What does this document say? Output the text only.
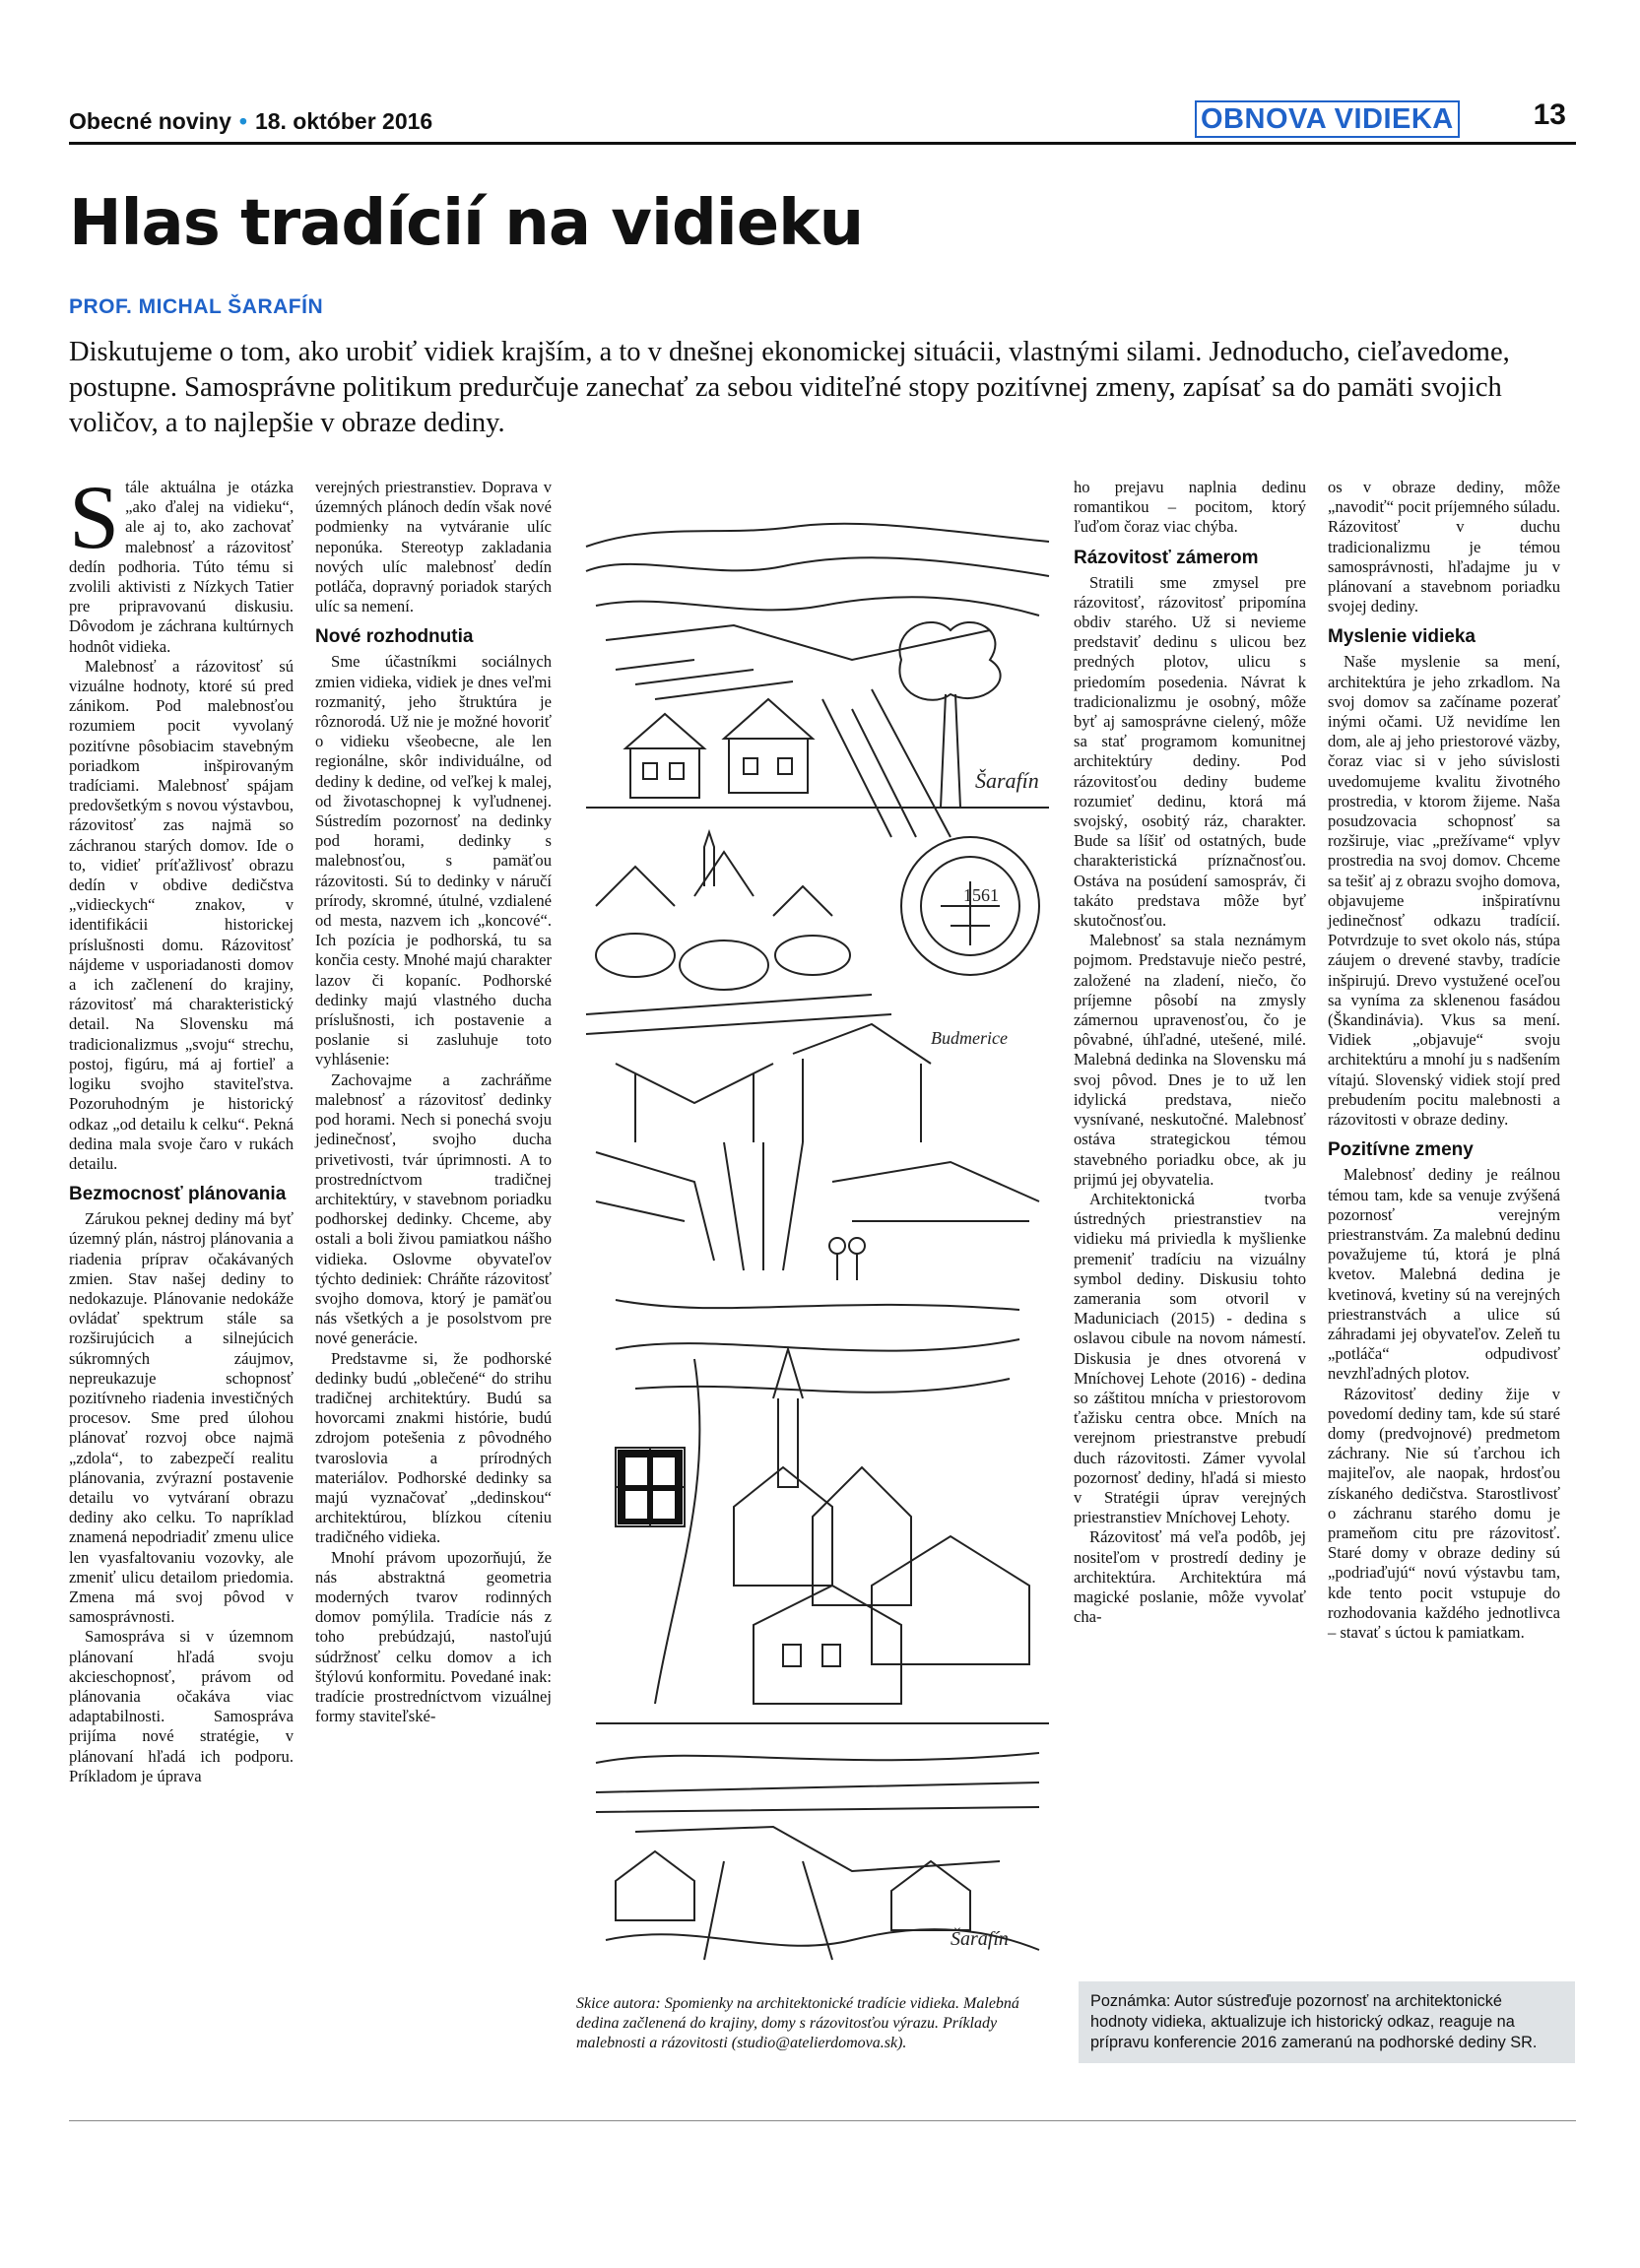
Obecné noviny • 18. október 2016	OBNOVA VIDIEKA	13
Hlas tradícií na vidieku
PROF. MICHAL ŠARAFÍN
Diskutujeme o tom, ako urobiť vidiek krajším, a to v dnešnej ekonomickej situácii, vlastnými silami. Jednoducho, cieľavedome, postupne. Samosprávne politikum predurčuje zanechať za sebou viditeľné stopy pozitívnej zmeny, zapísať sa do pamäti svojich voličov, a to najlepšie v obraze dediny.
S tále aktuálna je otázka „ako ďalej na vidieku“, ale aj to, ako zachovať malebnosť a rázovitosť dedín podhoria. Túto tému si zvolili aktivisti z Nízkych Tatier pre pripravovanú diskusiu. Dôvodom je záchrana kultúrnych hodnôt vidieka.

Malebnosť a rázovitosť sú vizuálne hodnoty, ktoré sú pred zánikom. Pod malebnosťou rozumiem pocit vyvolaný pozitívne pôsobiacim stavebným poriadkom inšpirovaným tradíciami. Malebnosť spájam predovšetkým s novou výstavbou, rázovitosť zas najmä so záchranou starých domov. Ide o to, vidieť príťažlivosť obrazu dedín v obdive dedičstva „vidieckych“ znakov, v identifikácii historickej príslušnosti domu. Rázovitosť nájdeme v usporiadanosti domov a ich začlenení do krajiny, rázovitosť má charakteristický detail. Na Slovensku má tradicionalizmus „svoju“ strechu, postoj, figúru, má aj fortieľ a logiku svojho staviteľstva. Pozoruhodným je historický odkaz „od detailu k celku“. Pekná dedina mala svoje čaro v rukách detailu.

Bezmocnosť plánovania

Zárukou peknej dediny má byť územný plán, nástroj plánovania a riadenia príprav očakávaných zmien. Stav našej dediny to nedokazuje. Plánovanie nedokáže ovládať spektrum stále sa rozširujúcich a silnejúcich súkromných záujmov, nepreukazuje schopnosť pozitívneho riadenia investičných procesov. Sme pred úlohou plánovať rozvoj obce najmä „zdola“, to zabezpečí realitu plánovania, zvýrazní postavenie detailu vo vytváraní obrazu dediny ako celku. To napríklad znamená nepodriadiť zmenu ulice len vyasfaltovaniu vozovky, ale zmeniť ulicu detailom priedomia. Zmena má svoj pôvod v samosprávnosti.

Samospráva si v územnom plánovaní hľadá svoju akcieschopnosť, právom od plánovania očakáva viac adaptabilnosti. Samospráva prijíma nové stratégie, v plánovaní hľadá ich podporu. Príkladom je úprava

verejných priestranstiev. Doprava v územných plánoch dedín však nové podmienky na vytváranie ulíc neponúka. Stereotyp zakladania nových ulíc malebnosť dedín potláča, dopravný poriadok starých ulíc sa nemení.

Nové rozhodnutia

Sme účastníkmi sociálnych zmien vidieka, vidiek je dnes veľmi rozmanitý, jeho štruktúra je rôznorodá. Už nie je možné hovoriť o vidieku všeobecne, ale len regionálne, skôr individuálne, od dediny k dedine, od veľkej k malej, od životaschopnej k vyľudnenej. Sústredím pozornosť na dedinky pod horami, dedinky s malebnosťou, s pamäťou rázovitosti. Sú to dedinky v náručí prírody, skromné, útulné, vzdialené od mesta, nazvem ich „koncové“. Ich pozícia je podhorská, tu sa končia cesty. Mnohé majú charakter lazov či kopaníc. Podhorské dedinky majú vlastného ducha príslušnosti, ich postavenie a poslanie si zasluhuje toto vyhlásenie:

Zachovajme a zachráňme malebnosť a rázovitosť dedinky pod horami. Nech si ponechá svoju jedinečnosť, svojho ducha privetivosti, tvár úprimnosti. A to prostredníctvom tradičnej architektúry, v stavebnom poriadku podhorskej dedinky. Chceme, aby ostali a boli živou pamiatkou nášho vidieka. Oslovme obyvateľov týchto dediniek: Chráňte rázovitosť svojho domova, ktorý je pamäťou nás všetkých a je posolstvom pre nové generácie.

Predstavme si, že podhorské dedinky budú „oblečené“ do strihu tradičnej architektúry. Budú sa hovorcami znakmi histórie, budú zdrojom potešenia z pôvodného tvaroslovia a prírodných materiálov. Podhorské dedinky sa majú vyznačovať „dedinskou“ architektúrou, blízkou cíteniu tradičného vidieka.

Mnohí právom upozorňujú, že nás abstraktná geometria moderných tvarov rodinných domov pomýlila. Tradície nás z toho prebúdzajú, nastoľujú súdržnosť celku domov a ich štýlovú konformitu. Povedané inak: tradície prostredníctvom vizuálnej formy staviteľské-

Šarafín
1561
Budmerice
Šarafín
Skice autora: Spomienky na architektonické tradície vidieka. Malebná dedina začlenená do krajiny, domy s rázovitosťou výrazu. Príklady malebnosti a rázovitosti (studio@atelierdomova.sk).

ho prejavu naplnia dedinu romantikou – pocitom, ktorý ľuďom čoraz viac chýba.

Rázovitosť zámerom

Stratili sme zmysel pre rázovitosť, rázovitosť pripomína obdiv starého. Už si nevieme predstaviť dedinu s ulicou bez predných plotov, ulicu s priedomím posedenia. Návrat k tradicionalizmu je osobný, môže byť aj samosprávne cielený, môže sa stať programom komunitnej architektúry dediny. Pod rázovitosťou dediny budeme rozumieť dedinu, ktorá má svojský, osobitý ráz, charakter. Bude sa líšiť od ostatných, bude charakteristická príznačnosťou. Ostáva na posúdení samospráv, či takáto predstava môže byť skutočnosťou.

Malebnosť sa stala neznámym pojmom. Predstavuje niečo pestré, založené na zladení, niečo, čo príjemne pôsobí na zmysly zámernou upravenosťou, čo je pôvabné, úhľadné, utešené, milé. Malebná dedinka na Slovensku má svoj pôvod. Dnes je to už len idylická predstava, niečo vysnívané, neskutočné. Malebnosť ostáva strategickou témou stavebného poriadku obce, ak ju prijmú jej obyvatelia.

Architektonická tvorba ústredných priestranstiev na vidieku má priviedla k myšlienke premeniť tradíciu na vizuálny symbol dediny. Diskusiu tohto zamerania som otvoril v Maduniciach (2015) - dedina s oslavou cibule na novom námestí. Diskusia je dnes otvorená v Mníchovej Lehote (2016) - dedina so záštitou mnícha v priestorovom ťažisku centra obce. Mních na verejnom priestranstve prebudí duch rázovitosti. Zámer vyvolal pozornosť dediny, hľadá si miesto v Stratégii úprav verejných priestranstiev Mníchovej Lehoty.

Rázovitosť má veľa podôb, jej nositeľom v prostredí dediny je architektúra. Architektúra má magické poslanie, môže vyvolať cha-

os v obraze dediny, môže „navodiť“ pocit príjemného súladu. Rázovitosť v duchu tradicionalizmu je témou samosprávnosti, hľadajme ju v plánovaní a stavebnom poriadku svojej dediny.

Myslenie vidieka

Naše myslenie sa mení, architektúra je jeho zrkadlom. Na svoj domov sa začíname pozerať inými očami. Už nevidíme len dom, ale aj jeho priestorové väzby, čoraz viac si v jeho súvislosti uvedomujeme kvalitu životného prostredia, v ktorom žijeme. Naša posudzovacia schopnosť sa rozširuje, viac „prežívame“ vplyv prostredia na svoj domov. Chceme sa tešiť aj z obrazu svojho domova, objavujeme inšpiratívnu jedinečnosť odkazu tradícií. Potvrdzuje to svet okolo nás, stúpa záujem o drevené stavby, tradície inšpirujú. Drevo vystužené oceľou sa vyníma za sklenenou fasádou (Škandinávia). Vkus sa mení. Vidiek „objavuje“ svoju architektúru a mnohí ju s nadšením vítajú. Slovenský vidiek stojí pred prebudením pocitu malebnosti a rázovitosti v obraze dediny.

Pozitívne zmeny

Malebnosť dediny je reálnou témou tam, kde sa venuje zvýšená pozornosť verejným priestranstvám. Za malebnú dedinu považujeme tú, ktorá je plná kvetov. Malebná dedina je kvetinová, kvetiny sú na verejných priestranstvách a ulice sú záhradami jej obyvateľov. Zeleň tu „potláča“ odpudivosť nevzhľadných plotov.

Rázovitosť dediny žije v povedomí dediny tam, kde sú staré domy (predvojnové) predmetom záchrany. Nie sú ťarchou ich majiteľov, ale naopak, hrdosťou získaného dedičstva. Starostlivosť o záchranu starého domu je prameňom citu pre rázovitosť. Staré domy v obraze dediny sú „podriaďujú“ novú výstavbu tam, kde tento pocit vstupuje do rozhodovania každého jednotlivca – stavať s úctou k pamiatkam.

Poznámka: Autor sústreďuje pozornosť na architektonické hodnoty vidieka, aktualizuje ich historický odkaz, reaguje na prípravu konferencie 2016 zameranú na podhorské dediny SR.
